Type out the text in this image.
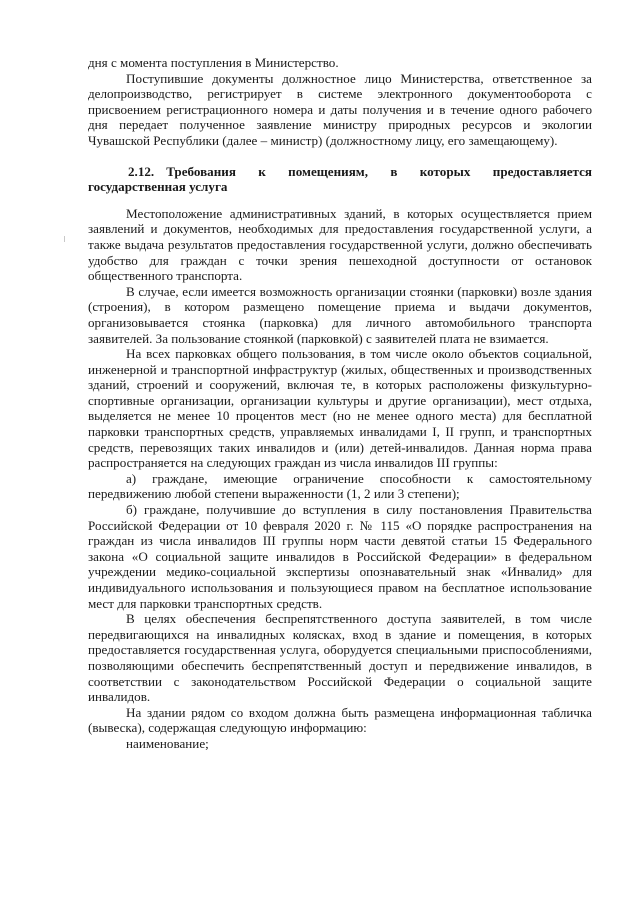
дня с момента поступления в Министерство.

Поступившие документы должностное лицо Министерства, ответственное за делопроизводство, регистрирует в системе электронного документооборота с присвоением регистрационного номера и даты получения и в течение одного рабочего дня передает полученное заявление министру природных ресурсов и экологии Чувашской Республики (далее – министр) (должностному лицу, его замещающему).

2.12. Требования к помещениям, в которых предоставляется государственная услуга

Местоположение административных зданий, в которых осуществляется прием заявлений и документов, необходимых для предоставления государственной услуги, а также выдача результатов предоставления государственной услуги, должно обеспечивать удобство для граждан с точки зрения пешеходной доступности от остановок общественного транспорта.

В случае, если имеется возможность организации стоянки (парковки) возле здания (строения), в котором размещено помещение приема и выдачи документов, организовывается стоянка (парковка) для личного автомобильного транспорта заявителей. За пользование стоянкой (парковкой) с заявителей плата не взимается.

На всех парковках общего пользования, в том числе около объектов социальной, инженерной и транспортной инфраструктур (жилых, общественных и производственных зданий, строений и сооружений, включая те, в которых расположены физкультурно-спортивные организации, организации культуры и другие организации), мест отдыха, выделяется не менее 10 процентов мест (но не менее одного места) для бесплатной парковки транспортных средств, управляемых инвалидами I, II групп, и транспортных средств, перевозящих таких инвалидов и (или) детей-инвалидов. Данная норма права распространяется на следующих граждан из числа инвалидов III группы:

а) граждане, имеющие ограничение способности к самостоятельному передвижению любой степени выраженности (1, 2 или 3 степени);

б) граждане, получившие до вступления в силу постановления Правительства Российской Федерации от 10 февраля 2020 г. № 115 «О порядке распространения на граждан из числа инвалидов III группы норм части девятой статьи 15 Федерального закона «О социальной защите инвалидов в Российской Федерации» в федеральном учреждении медико-социальной экспертизы опознавательный знак «Инвалид» для индивидуального использования и пользующиеся правом на бесплатное использование мест для парковки транспортных средств.

В целях обеспечения беспрепятственного доступа заявителей, в том числе передвигающихся на инвалидных колясках, вход в здание и помещения, в которых предоставляется государственная услуга, оборудуется специальными приспособлениями, позволяющими обеспечить беспрепятственный доступ и передвижение инвалидов, в соответствии с законодательством Российской Федерации о социальной защите инвалидов.

На здании рядом со входом должна быть размещена информационная табличка (вывеска), содержащая следующую информацию:

наименование;
